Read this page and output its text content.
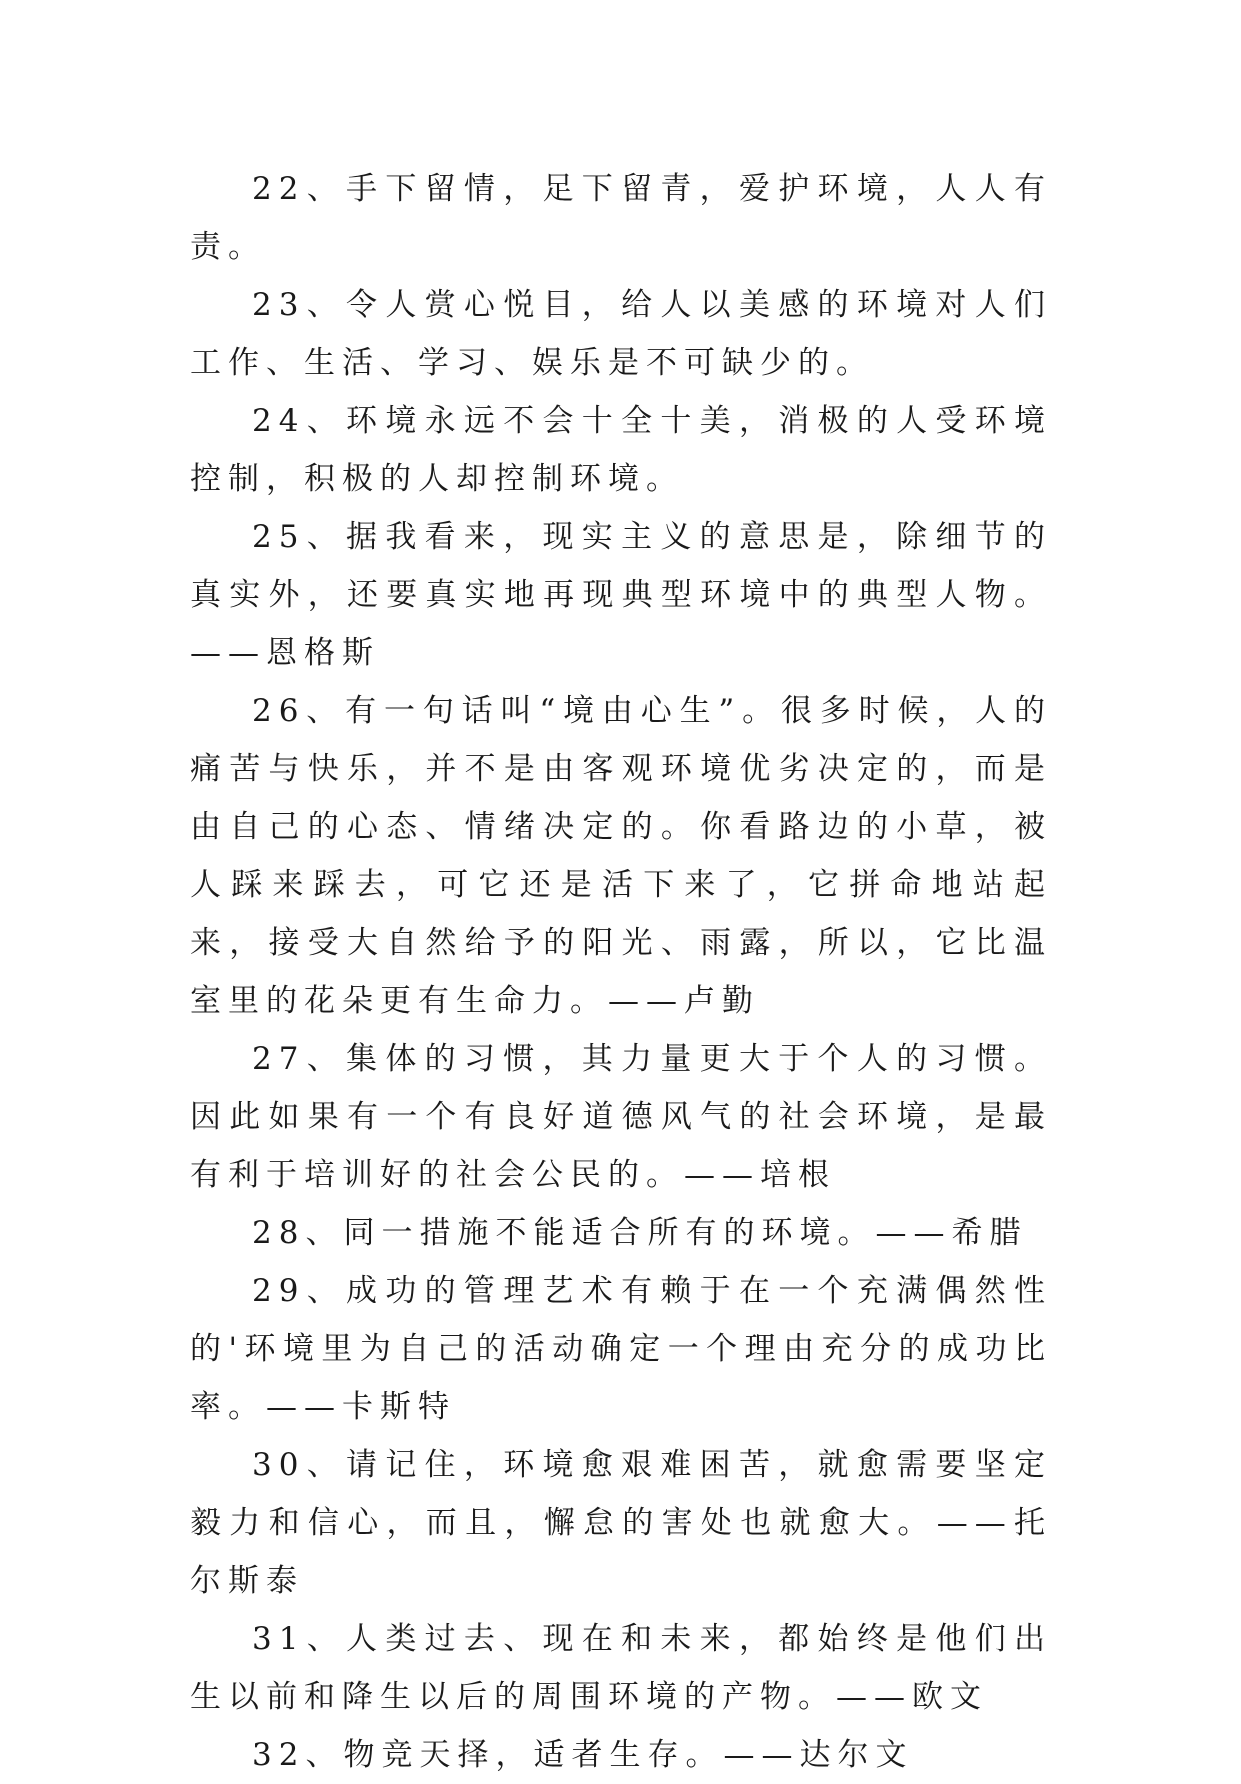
22、手下留情，足下留青，爱护环境，人人有责。

23、令人赏心悦目，给人以美感的环境对人们工作、生活、学习、娱乐是不可缺少的。

24、环境永远不会十全十美，消极的人受环境控制，积极的人却控制环境。

25、据我看来，现实主义的意思是，除细节的真实外，还要真实地再现典型环境中的典型人物。——恩格斯

26、有一句话叫“境由心生”。很多时候，人的痛苦与快乐，并不是由客观环境优劣决定的，而是由自己的心态、情绪决定的。你看路边的小草，被人踩来踩去，可它还是活下来了，它拼命地站起来，接受大自然给予的阳光、雨露，所以，它比温室里的花朵更有生命力。——卢勤

27、集体的习惯，其力量更大于个人的习惯。因此如果有一个有良好道德风气的社会环境，是最有利于培训好的社会公民的。——培根

28、同一措施不能适合所有的环境。——希腊

29、成功的管理艺术有赖于在一个充满偶然性的'环境里为自己的活动确定一个理由充分的成功比率。——卡斯特

30、请记住，环境愈艰难困苦，就愈需要坚定毅力和信心，而且，懈怠的害处也就愈大。——托尔斯泰

31、人类过去、现在和未来，都始终是他们出生以前和降生以后的周围环境的产物。——欧文

32、物竞天择，适者生存。——达尔文
